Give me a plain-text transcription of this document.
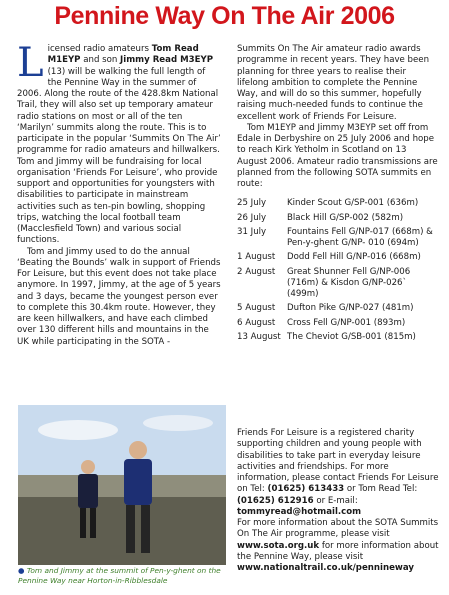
Pennine Way On The Air 2006

Licensed radio amateurs Tom Read M1EYP and son Jimmy Read M3EYP (13) will be walking the full length of the Pennine Way in the summer of 2006. Along the route of the 428.8km National Trail, they will also set up temporary amateur radio stations on most or all of the ten ‘Marilyn’ summits along the route. This is to participate in the popular ‘Summits On The Air’ programme for radio amateurs and hillwalkers. Tom and Jimmy will be fundraising for local organisation ‘Friends For Leisure’, who provide support and opportunities for youngsters with disabilities to participate in mainstream activities such as ten-pin bowling, shopping trips, watching the local football team (Macclesfield Town) and various social functions.

Tom and Jimmy used to do the annual ‘Beating the Bounds’ walk in support of Friends For Leisure, but this event does not take place anymore. In 1997, Jimmy, at the age of 5 years and 3 days, became the youngest person ever to complete this 30.4km route. However, they are keen hillwalkers, and have each climbed over 130 different hills and mountains in the UK while participating in the SOTA -

Summits On The Air amateur radio awards programme in recent years. They have been planning for three years to realise their lifelong ambition to complete the Pennine Way, and will do so this summer, hopefully raising much-needed funds to continue the excellent work of Friends For Leisure.

Tom M1EYP and Jimmy M3EYP set off from Edale in Derbyshire on 25 July 2006 and hope to reach Kirk Yetholm in Scotland on 13 August 2006. Amateur radio transmissions are planned from the following SOTA summits en route:

25 July	Kinder Scout G/SP-001 (636m)
26 July	Black Hill G/SP-002 (582m)
31 July	Fountains Fell G/NP-017 (668m) & Pen-y-ghent G/NP- 010 (694m)
1 August	Dodd Fell Hill G/NP-016 (668m)
2 August	Great Shunner Fell G/NP-006 (716m) & Kisdon G/NP-026` (499m)
5 August	Dufton Pike G/NP-027 (481m)
6 August	Cross Fell G/NP-001 (893m)
13 August	The Cheviot G/SB-001 (815m)
Friends For Leisure is a registered charity supporting children and young people with disabilities to take part in everyday leisure activities and friendships. For more information, please contact Friends For Leisure on Tel: (01625) 613433 or Tom Read Tel: (01625) 612916 or E-mail:
tommyread@hotmail.com
For more information about the SOTA Summits On The Air programme, please visit www.sota.org.uk for more information about the Pennine Way, please visit www.nationaltrail.co.uk/pennineway
● Tom and Jimmy at the summit of Pen-y-ghent on the Pennine Way near Horton-in-Ribblesdale
